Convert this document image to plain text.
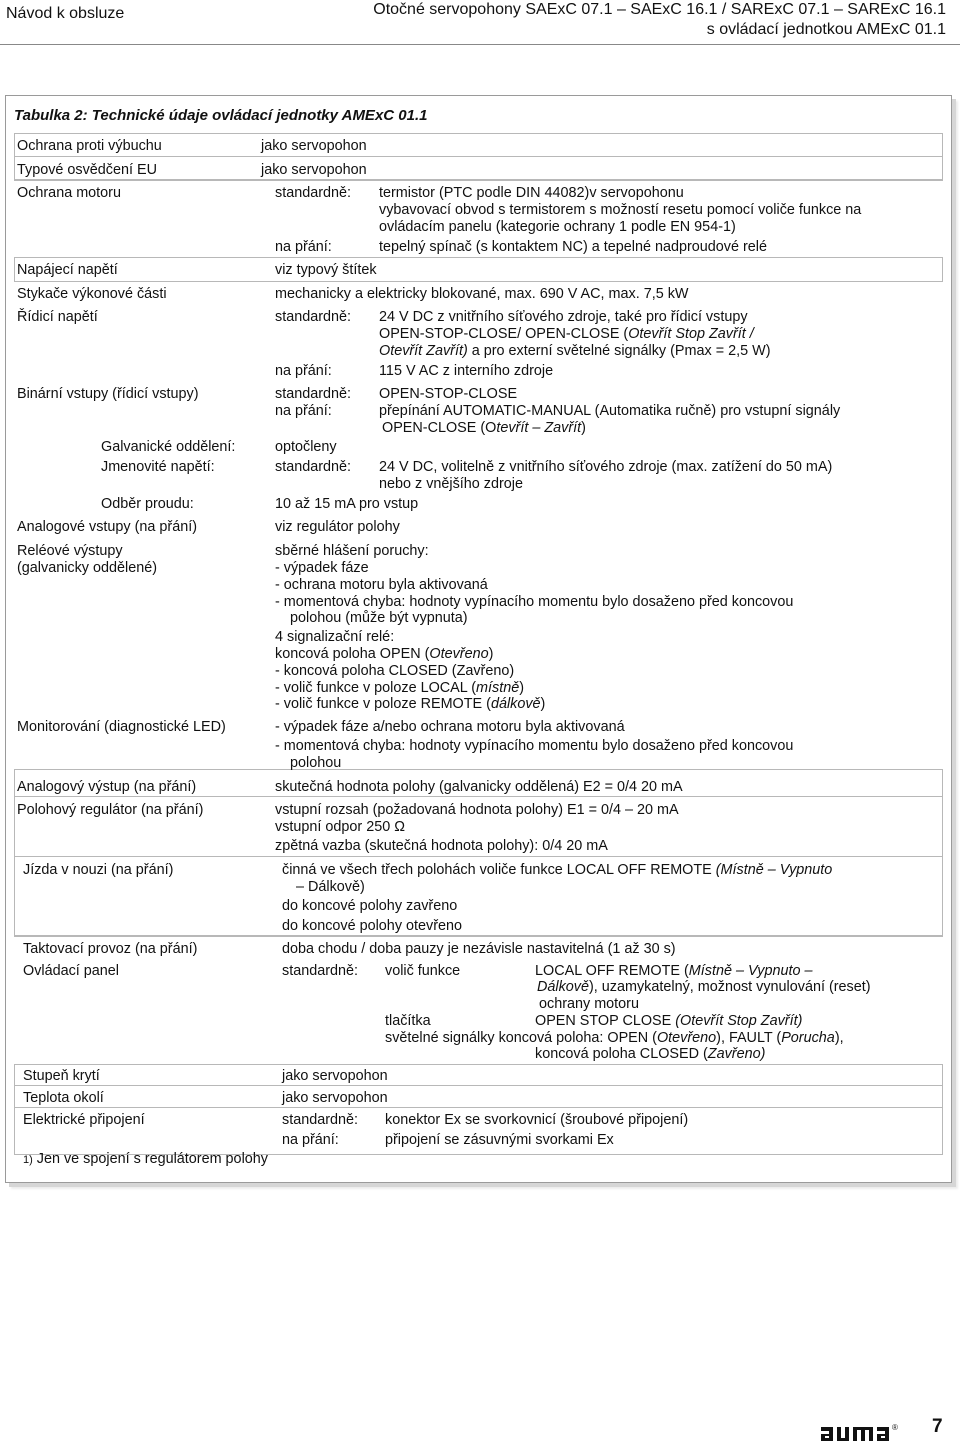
Návod k obsluze	Otočné servopohony SAExC 07.1 – SAExC 16.1 / SARExC 07.1 – SARExC 16.1
s ovládací jednotkou AMExC 01.1
Tabulka 2: Technické údaje ovládací jednotky AMExC 01.1
Ochrana proti výbuchu	jako servopohon
Typové osvědčení EU	jako servopohon
Ochrana motoru	standardně: termistor (PTC podle DIN 44082)v servopohonu
vybavovací obvod s termistorem s možností resetu pomocí voliče funkce na
ovládacím panelu (kategorie ochrany 1 podle EN 954-1)
na přání:	tepelný spínač (s kontaktem NC) a tepelné nadproudové relé
Napájecí napětí	viz typový štítek
Stykače výkonové části	mechanicky a elektricky blokované, max. 690 V AC, max. 7,5 kW
Řídicí napětí	standardně: 24 V DC z vnitřního síťového zdroje, také pro řídicí vstupy
OPEN-STOP-CLOSE/ OPEN-CLOSE (Otevřít Stop Zavřít /
Otevřít Zavřít) a pro externí světelné signálky (Pmax = 2,5 W)
na přání:	115 V AC z interního zdroje
Binární vstupy (řídicí vstupy)	standardně: OPEN-STOP-CLOSE
na přání:	přepínání AUTOMATIC-MANUAL (Automatika ručně) pro vstupní signály
OPEN-CLOSE (Otevřít – Zavřít)
Galvanické oddělení:	optočleny
Jmenovité napětí:	standardně: 24 V DC, volitelně z vnitřního síťového zdroje (max. zatížení do 50 mA)
nebo z vnějšího zdroje
Odběr proudu:	10 až 15 mA pro vstup
Analogové vstupy (na přání)	viz regulátor polohy
Reléové výstupy
(galvanicky oddělené)
sběrné hlášení poruchy:
- výpadek fáze
- ochrana motoru byla aktivovaná
- momentová chyba: hodnoty vypínacího momentu bylo dosaženo před koncovou
polohou (může být vypnuta)
4 signalizační relé:
koncová poloha OPEN (Otevřeno)
- koncová poloha CLOSED (Zavřeno)
- volič funkce v poloze LOCAL (místně)
- volič funkce v poloze REMOTE (dálkově)
Monitorování (diagnostické LED)	- výpadek fáze a/nebo ochrana motoru byla aktivovaná
- momentová chyba: hodnoty vypínacího momentu bylo dosaženo před koncovou
polohou
Analogový výstup (na přání)	skutečná hodnota polohy (galvanicky oddělená) E2 = 0/4 20 mA
Polohový regulátor (na přání)	vstupní rozsah (požadovaná hodnota polohy) E1 = 0/4 – 20 mA
vstupní odpor 250 Ω
zpětná vazba (skutečná hodnota polohy): 0/4 20 mA
Jízda v nouzi (na přání)	činná ve všech třech polohách voliče funkce LOCAL OFF REMOTE (Místně – Vypnuto
– Dálkově)
do koncové polohy zavřeno
do koncové polohy otevřeno
Taktovací provoz (na přání)	doba chodu / doba pauzy je nezávisle nastavitelná (1 až 30 s)
Ovládací panel	standardně: volič funkce	LOCAL OFF REMOTE (Místně – Vypnuto –
Dálkově), uzamykatelný, možnost vynulování (reset)
ochrany motoru
tlačítka	OPEN STOP CLOSE (Otevřít Stop Zavřít)
světelné signálky koncová poloha: OPEN (Otevřeno), FAULT (Porucha),
koncová poloha CLOSED (Zavřeno)
Stupeň krytí	jako servopohon
Teplota okolí	jako servopohon
Elektrické připojení	standardně: konektor Ex se svorkovnicí (šroubové připojení)
na přání:	připojení se zásuvnými svorkami Ex
1) Jen ve spojení s regulátorem polohy
® 7
